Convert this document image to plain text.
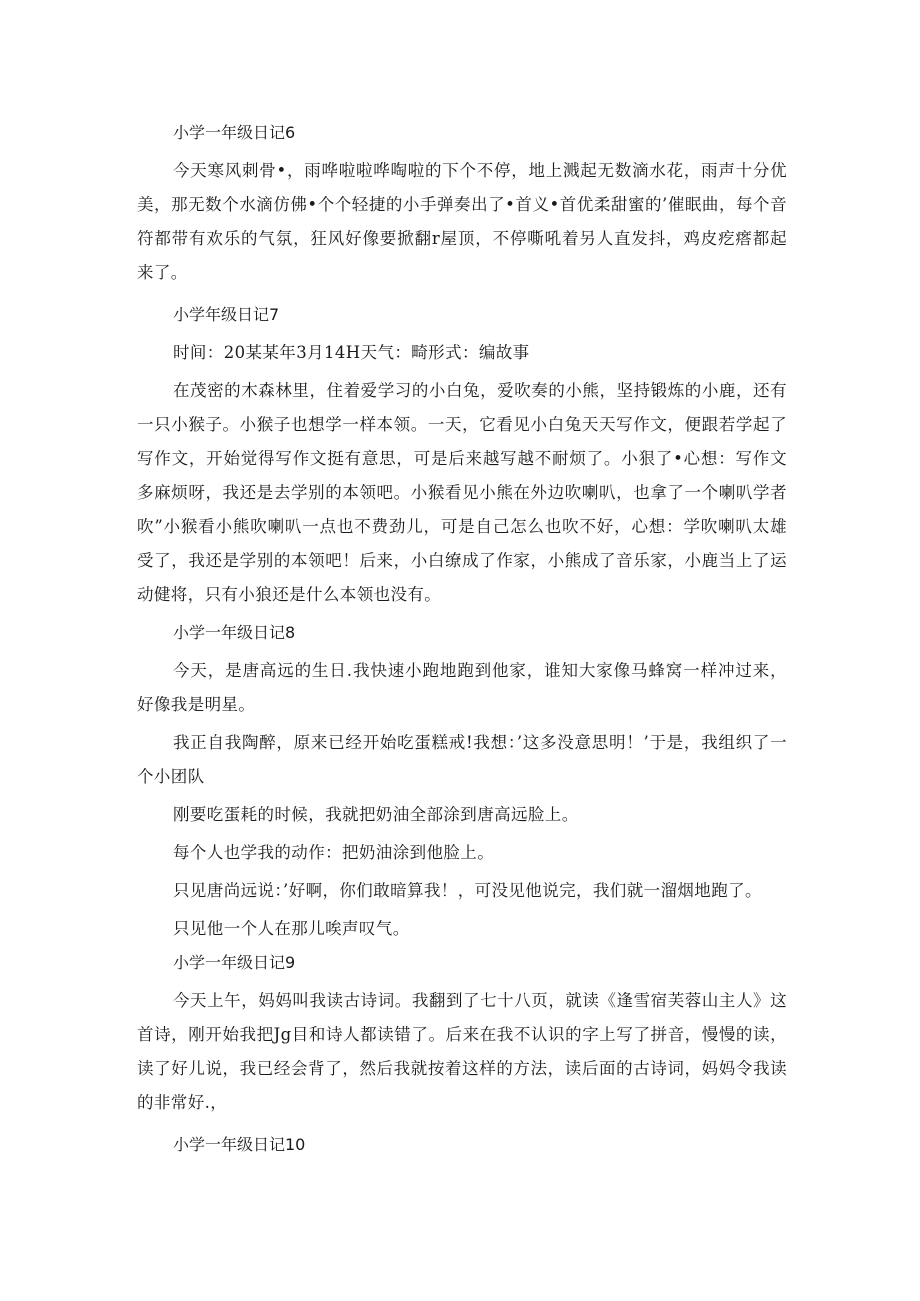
小学一年级日记6

今天寒风刺骨•，雨哗啦啦哗啕啦的下个不停，地上溅起无数滴水花，雨声十分优美，那无数个水滴仿佛•个个轻捷的小手弹奏出了•首义•首优柔甜蜜的’催眠曲，每个音符都带有欢乐的气氛，狂风好像要掀翻r屋顶，不停嘶吼着另人直发抖，鸡皮疙瘩都起来了。

小学年级日记7

时间：20某某年3月14H天气：畸形式：编故事

在茂密的木森林里，住着爱学习的小白兔，爱吹奏的小熊，坚持锻炼的小鹿，还有一只小猴子。小猴子也想学一样本领。一天，它看见小白兔天天写作文，便跟若学起了写作文，开始觉得写作文挺有意思，可是后来越写越不耐烦了。小狠了•心想：写作文多麻烦呀，我还是去学别的本领吧。小猴看见小熊在外边吹喇叭，也拿了一个喇叭学者吹”小猴看小熊吹喇叭一点也不费劲儿，可是自己怎么也吹不好，心想：学吹喇叭太雄受了，我还是学别的本领吧！后来，小白缭成了作家，小熊成了音乐家，小鹿当上了运动健将，只有小狼还是什么本领也没有。

小学一年级日记8

今天，是唐高远的生日.我快速小跑地跑到他家，谁知大家像马蜂窝一样冲过来，好像我是明星。

我正自我陶醉，原来已经开始吃蛋糕戒!我想：’这多没意思明！’于是，我组织了一个小团队

刚要吃蛋耗的时候，我就把奶油全部涂到唐高远脸上。

每个人也学我的动作：把奶油涂到他脸上。

只见唐尚远说：’好啊，你们敢暗算我！，可没见他说完，我们就一溜烟地跑了。

只见他一个人在那儿唉声叹气。

小学一年级日记9

今天上午，妈妈叫我读古诗词。我翻到了七十八页，就读《逢雪宿芙蓉山主人》这首诗，刚开始我把Jg目和诗人都读错了。后来在我不认识的字上写了拼音，慢慢的读，读了好儿说，我已经会背了，然后我就按着这样的方法，读后面的古诗词，妈妈令我读的非常好.，

小学一年级日记10
